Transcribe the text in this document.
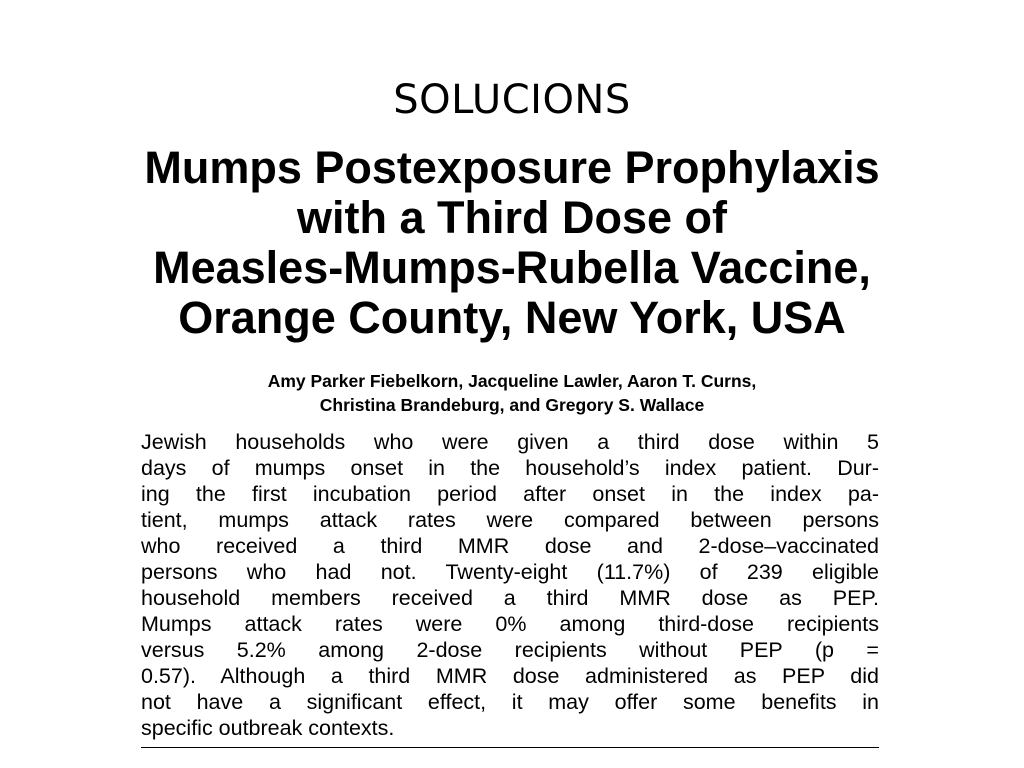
SOLUCIONS
Mumps Postexposure Prophylaxis
with a Third Dose of
Measles-Mumps-Rubella Vaccine,
Orange County, New York, USA
Amy Parker Fiebelkorn, Jacqueline Lawler, Aaron T. Curns,
Christina Brandeburg, and Gregory S. Wallace
Jewish households who were given a third dose within 5
days of mumps onset in the household’s index patient. Dur-
ing the first incubation period after onset in the index pa-
tient, mumps attack rates were compared between persons
who received a third MMR dose and 2-dose–vaccinated
persons who had not. Twenty-eight (11.7%) of 239 eligible
household members received a third MMR dose as PEP.
Mumps attack rates were 0% among third-dose recipients
versus 5.2% among 2-dose recipients without PEP (p =
0.57). Although a third MMR dose administered as PEP did
not have a significant effect, it may offer some benefits in
specific outbreak contexts.
